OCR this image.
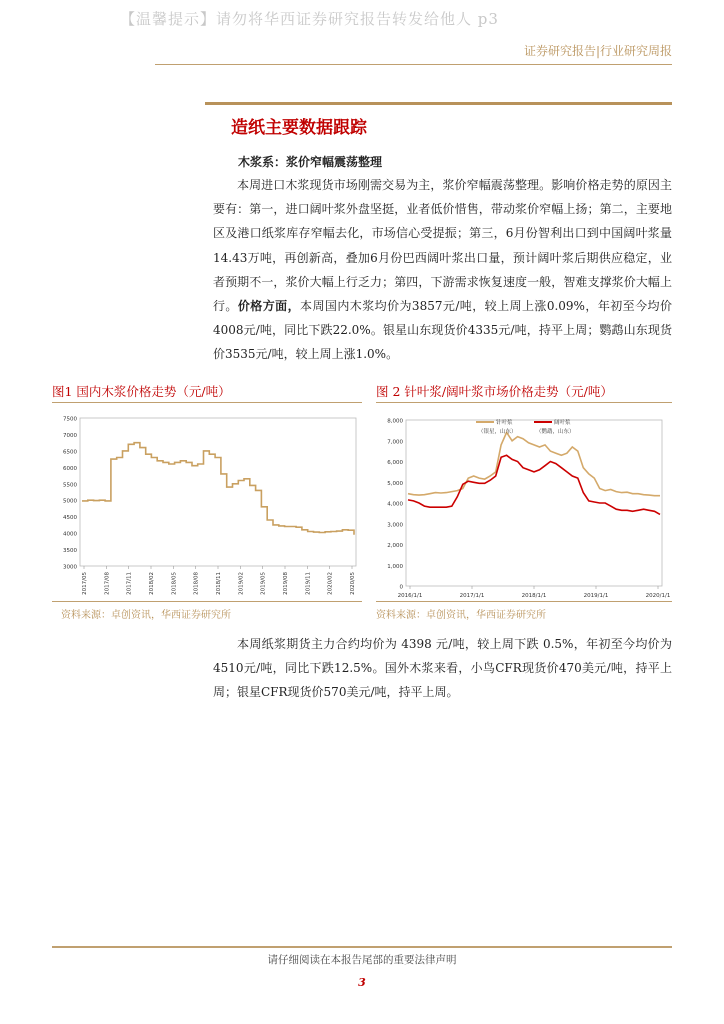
【温馨提示】请勿将华西证券研究报告转发给他人 p3
证券研究报告|行业研究周报
造纸主要数据跟踪
木浆系：浆价窄幅震荡整理

本周进口木浆现货市场刚需交易为主，浆价窄幅震荡整理。影响价格走势的原因主要有：第一，进口阔叶浆外盘坚挺，业者低价惜售，带动浆价窄幅上扬；第二，主要地区及港口纸浆库存窄幅去化，市场信心受提振；第三，6月份智利出口到中国阔叶浆量14.43万吨，再创新高，叠加6月份巴西阔叶浆出口量，预计阔叶浆后期供应稳定，业者预期不一，浆价大幅上行乏力；第四，下游需求恢复速度一般，智难支撑浆价大幅上行。价格方面，本周国内木浆均价为3857元/吨，较上周上涨0.09%，年初至今均价4008元/吨，同比下跌22.0%。银星山东现货价4335元/吨，持平上周；鹦鹉山东现货价3535元/吨，较上周上涨1.0%。

图1 国内木浆价格走势（元/吨）
3000
3500
4000
4500
5000
5500
6000
6500
7000
7500
2017/05	2017/08	2017/11	2018/02	2018/05	2018/08	2018/11	2019/02	2019/05	2019/08	2019/11	2020/02	2020/05
资料来源：卓创资讯，华西证券研究所
图 2 针叶浆/阔叶浆市场价格走势（元/吨）
0
1,000
2,000
3,000
4,000
5,000
6,000
7,000
8,000
2016/1/1	2017/1/1	2018/1/1	2019/1/1	2020/1/1
针叶浆
（银星，山东）
阔叶浆
（鹦鹉，山东）
资料来源：卓创资讯，华西证券研究所

本周纸浆期货主力合约均价为 4398 元/吨，较上周下跌 0.5%，年初至今均价为4510元/吨，同比下跌12.5%。国外木浆来看，小鸟CFR现货价470美元/吨，持平上周；银星CFR现货价570美元/吨，持平上周。

请仔细阅读在本报告尾部的重要法律声明
3
